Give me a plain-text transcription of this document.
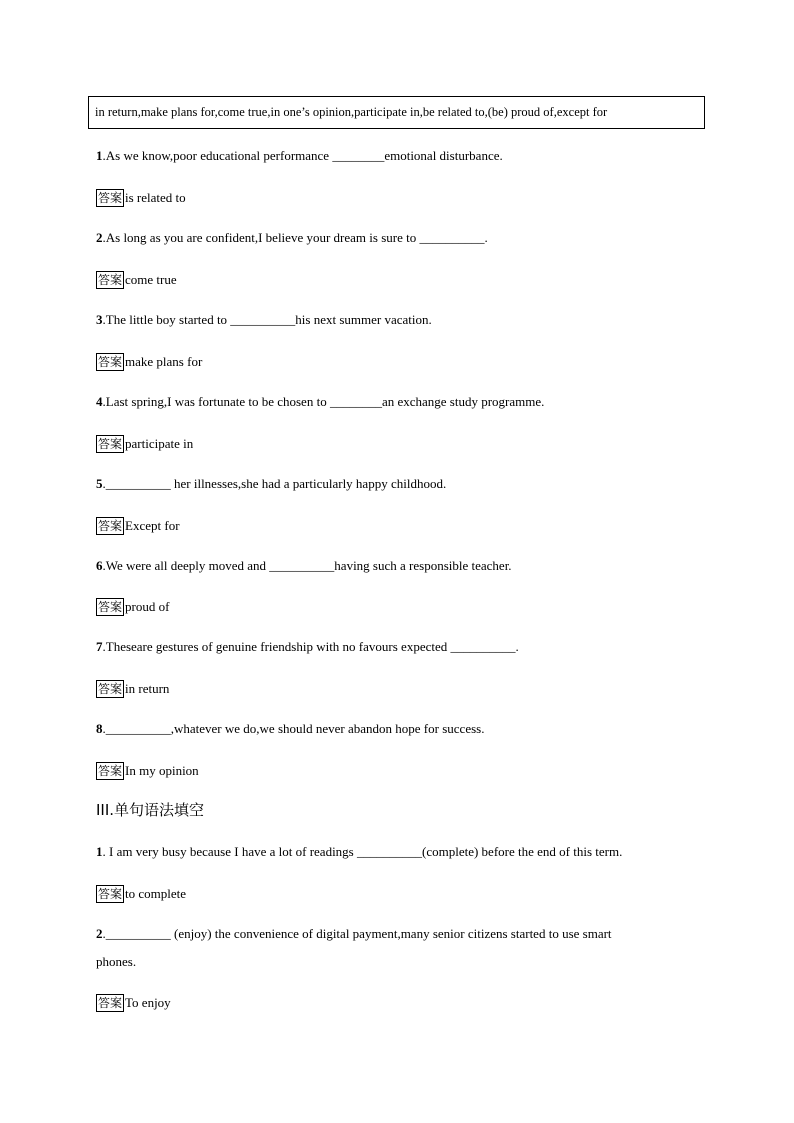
in return,make plans for,come true,in one’s opinion,participate in,be related to,(be) proud of,except for
1.As we know,poor educational performance ________emotional disturbance.
答案 is related to
2.As long as you are confident,I believe your dream is sure to __________.
答案 come true
3.The little boy started to __________his next summer vacation.
答案 make plans for
4.Last spring,I was fortunate to be chosen to ________an exchange study programme.
答案 participate in
5.__________ her illnesses,she had a particularly happy childhood.
答案 Except for
6.We were all deeply moved and __________having such a responsible teacher.
答案 proud of
7.Theseare gestures of genuine friendship with no favours expected __________.
答案 in return
8.__________,whatever we do,we should never abandon hope for success.
答案 In my opinion
III.单句语法填空
1. I am very busy because I have a lot of readings __________(complete) before the end of this term.
答案 to complete
2.__________ (enjoy) the convenience of digital payment,many senior citizens started to use smart
phones.
答案 To enjoy
